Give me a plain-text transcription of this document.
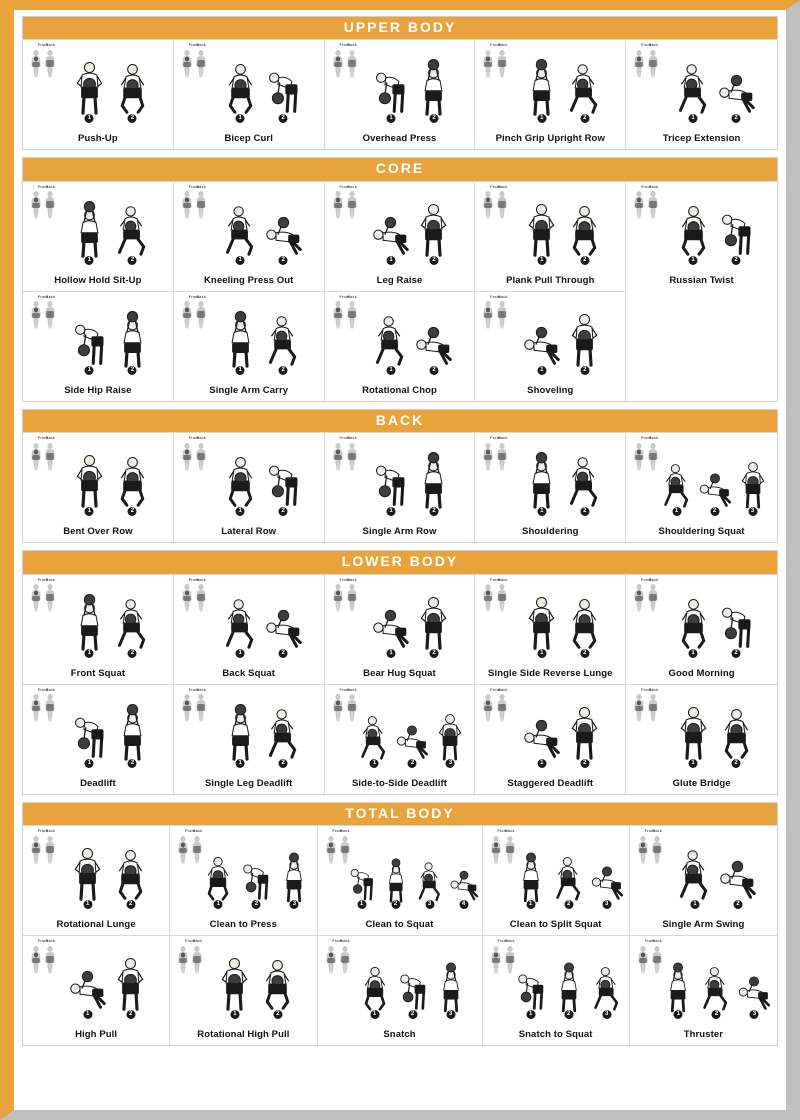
UPPER BODY
Front
Back
1	2
Push-Up
Front
Back
1	2
Bicep Curl
Front
Back
1	2
Overhead Press
Front
Back
1	2
Pinch Grip Upright Row
Front
Back
1	2
Tricep Extension
CORE
Front
Back
1	2
Hollow Hold Sit-Up
Front
Back
1	2
Kneeling Press Out
Front
Back
1	2
Leg Raise
Front
Back
1	2
Plank Pull Through
Front
Back
1	2
Russian Twist
Front
Back
1	2
Side Hip Raise
Front
Back
1	2
Single Arm Carry
Front
Back
1	2
Rotational Chop
Front
Back
1	2
Shoveling
BACK
Front
Back
1	2
Bent Over Row
Front
Back
1	2
Lateral Row
Front
Back
1	2
Single Arm Row
Front
Back
1	2
Shouldering
Front
Back
1	2	3
Shouldering Squat
LOWER BODY
Front
Back
1	2
Front Squat
Front
Back
1	2
Back Squat
Front
Back
1	2
Bear Hug Squat
Front
Back
1	2
Single Side Reverse Lunge
Front
Back
1	2
Good Morning
Front
Back
1	2
Deadlift
Front
Back
1	2
Single Leg Deadlift
Front
Back
1	2	3
Side-to-Side Deadlift
Front
Back
1	2
Staggered Deadlift
Front
Back
1	2
Glute Bridge
TOTAL BODY
Front
Back
1	2
Rotational Lunge
Front
Back
1	2	3
Clean to Press
Front
Back
1	2	3	4
Clean to Squat
Front
Back
1	2	3
Clean to Split Squat
Front
Back
1	2
Single Arm Swing
Front
Back
1	2
High Pull
Front
Back
1	2
Rotational High Pull
Front
Back
1	2	3
Snatch
Front
Back
1	2	3
Snatch to Squat
Front
Back
1	2	3
Thruster
